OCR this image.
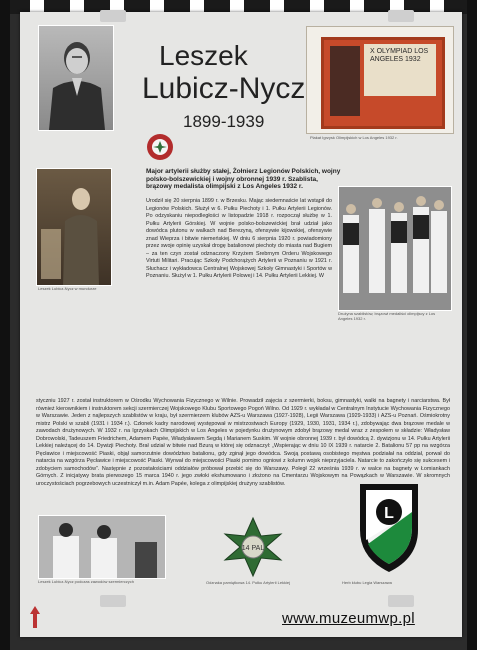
Leszek
Lubicz-Nycz
1899-1939
X OLYMPIAD LOS ANGELES 1932
Plakat Igrzysk Olimpijskich w Los Angeles 1932 r.
Leszek Lubicz-Nycz w mundurze
Major artylerii służby stałej, Żołnierz Legionów Polskich, wojny polsko-bolszewickiej i wojny obronnej 1939 r. Szablista, brązowy medalista olimpijski z Los Angeles 1932 r.
Drużyna szablistów, brązowi medaliści olimpijscy z Los Angeles 1932 r.
Urodził się 20 sierpnia 1899 r. w Brzesku. Mając siedemnaście lat wstąpił do Legionów Polskich. Służył w 6. Pułku Piechoty i 1. Pułku Artylerii Legionów. Po odzyskaniu niepodległości w listopadzie 1918 r. rozpoczął służbę w 1. Pułku Artylerii Górskiej. W wojnie polsko-bolszewickiej brał udział jako dowódca plutonu w walkach nad Berezyną, ofensywie kijowskiej, ofensywie znad Wieprza i bitwie niemeńskiej. W dniu 6 sierpnia 1920 r. powiadomiony przez swoje opinię uzyskał drogę batalionowi piechoty do miasta nad Bugiem – za ten czyn został odznaczony Krzyżem Srebrnym Orderu Wojskowego Virtuti Militari. Pracując Szkoły Podchorążych Artylerii w Poznaniu w 1921 r. Słuchacz i wykładowca Centralnej Wojskowej Szkoły Gimnastyki i Sportów w Poznaniu. Służył w 1. Pułku Artylerii Polowej i 14. Pułku Artylerii Lekkiej. W
styczniu 1927 r. został instruktorem w Ośrodku Wychowania Fizycznego w Wilnie. Prowadził zajęcia z szermierki, boksu, gimnastyki, walki na bagnety i narciarstwa. Był również kierownikiem i instruktorem sekcji szermierczej Wojskowego Klubu Sportowego Pogoń Wilno. Od 1929 r. wykładał w Centralnym Instytucie Wychowania Fizycznego w Warszawie. Jeden z najlepszych szablistów w kraju, był szermierzem klubów AZS-u Warszawa (1927-1928), Legii Warszawa (1929-1933) i AZS-u Poznań. Ośmiokrotny mistrz Polski w szabli (1931 i 1934 r.). Członek kadry narodowej występował w mistrzostwach Europy (1929, 1930, 1931, 1934 r.), zdobywając dwa brązowe medale w zawodach drużynowych. W 1932 r. na Igrzyskach Olimpijskich w Los Angeles w pojedynku drużynowym zdobył brązowy medal wraz z zespołem w składzie: Władysław Dobrowolski, Tadeuszem Friedrichem, Adamem Papée, Władysławem Segdą i Marianem Suskim. W wojnie obronnej 1939 r. był dowódcą 2. dywizjonu w 14. Pułku Artylerii Lekkiej należącej do 14. Dywizji Piechoty. Brał udział w bitwie nad Bzurą w której się odznaczył: „Wspierając w dniu 10 IX 1939 r. natarcie 2. Batalionu 57 pp na wzgórza Pęcławice i miejscowość Piaski, objął samorzutnie dowództwo batalionu, gdy zginął jego dowódca. Swoją postawą osobistego męstwa podziałał na oddział, porwał do natarcia na wzgórza Pęcławice i miejscowość Piaski. Wyrwał do miejscowości Piaski pomimo ogniowi z kolumn wojsk nieprzyjaciela. Natarcie to zakończyło się sukcesem i zdobyciem samochodów”. Następnie z pozostałościami oddziałów próbował przebić się do Warszawy. Poległ 22 września 1939 r. w walce na bagnety w Łomiankach Górnych. Z inicjatywy brata pierwszego 15 marca 1940 r. jego zwłoki ekshumowano i złożono na Cmentarzu Wojskowym na Powązkach w Warszawie. W skromnych uroczystościach pogrzebowych uczestniczył m.in. Adam Papée, kolega z olimpijskiej drużyny szablistów.
Leszek Lubicz-Nycz podczas zawodów szermierczych
14 PAL
Odznaka pamiątkowa 14. Pułku Artylerii Lekkiej
L
Herb klubu Legia Warszawa
www.muzeumwp.pl
